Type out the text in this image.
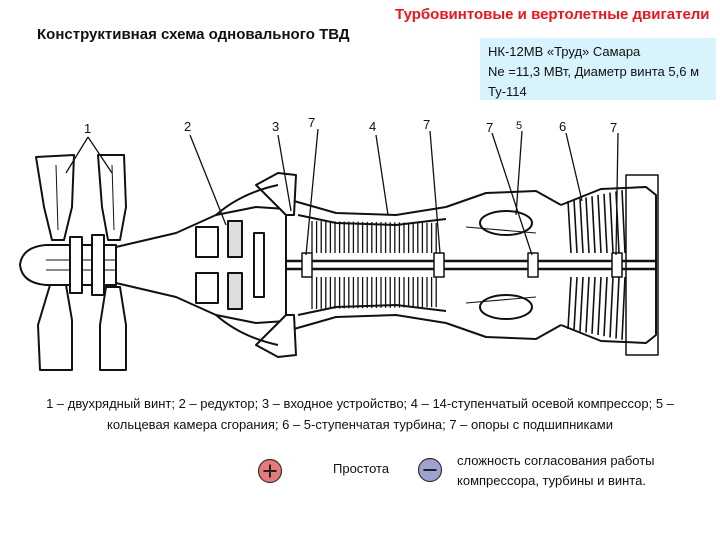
Турбовинтовые и вертолетные двигатели
Конструктивная схема одновального ТВД
НК-12МВ «Труд» Самара
Nе =11,3 МВт, Диаметр винта 5,6 м
Ту-114
1	2	3 7	4	7	7 5	6	7
1 – двухрядный винт; 2 – редуктор; 3 – входное устройство; 4 – 14-ступенчатый осевой компрессор; 5 –
кольцевая камера сгорания; 6 – 5-ступенчатая турбина; 7 – опоры с подшипниками
Простота
сложность согласования работы
компрессора, турбины и винта.
